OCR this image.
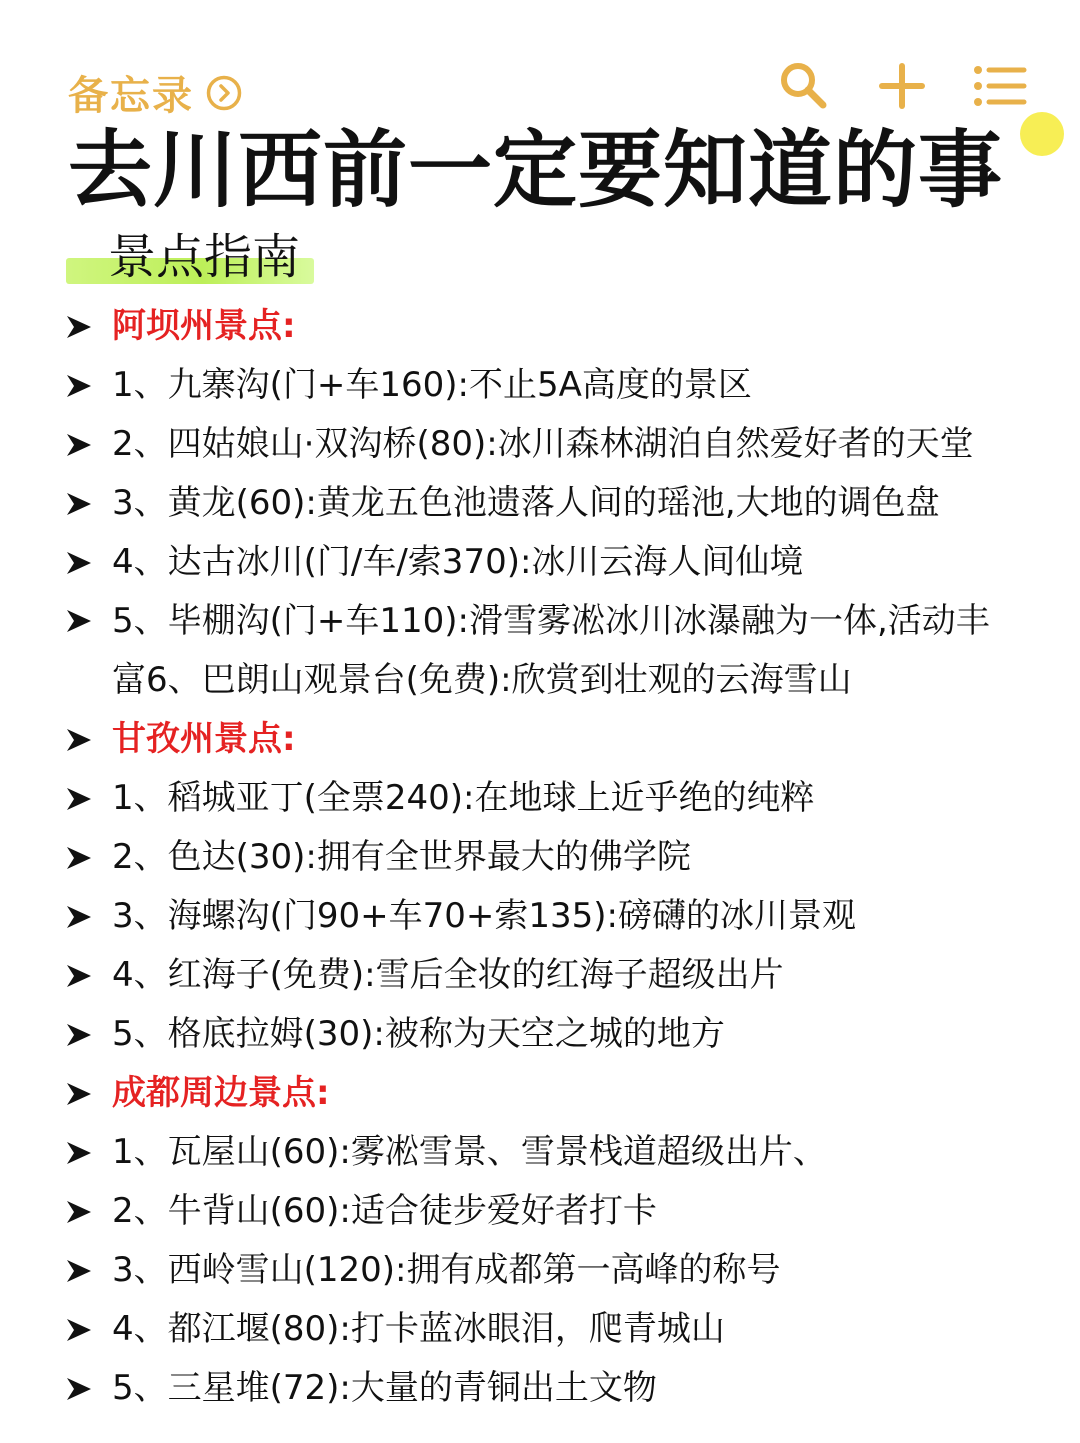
备忘录
去川西前一定要知道的事
景点指南
阿坝州景点:
1、九寨沟(门+车160):不止5A高度的景区
2、四姑娘山·双沟桥(80):冰川森林湖泊自然爱好者的天堂
3、黄龙(60):黄龙五色池遗落人间的瑶池,大地的调色盘
4、达古冰川(门/车/索370):冰川云海人间仙境
5、毕棚沟(门+车110):滑雪雾凇冰川冰瀑融为一体,活动丰富6、巴朗山观景台(免费):欣赏到壮观的云海雪山
甘孜州景点:
1、稻城亚丁(全票240):在地球上近乎绝的纯粹
2、色达(30):拥有全世界最大的佛学院
3、海螺沟(门90+车70+索135):磅礴的冰川景观
4、红海子(免费):雪后全妆的红海子超级出片
5、格底拉姆(30):被称为天空之城的地方
成都周边景点:
1、瓦屋山(60):雾凇雪景、雪景栈道超级出片、
2、牛背山(60):适合徒步爱好者打卡
3、西岭雪山(120):拥有成都第一高峰的称号
4、都江堰(80):打卡蓝冰眼泪，爬青城山
5、三星堆(72):大量的青铜出土文物
